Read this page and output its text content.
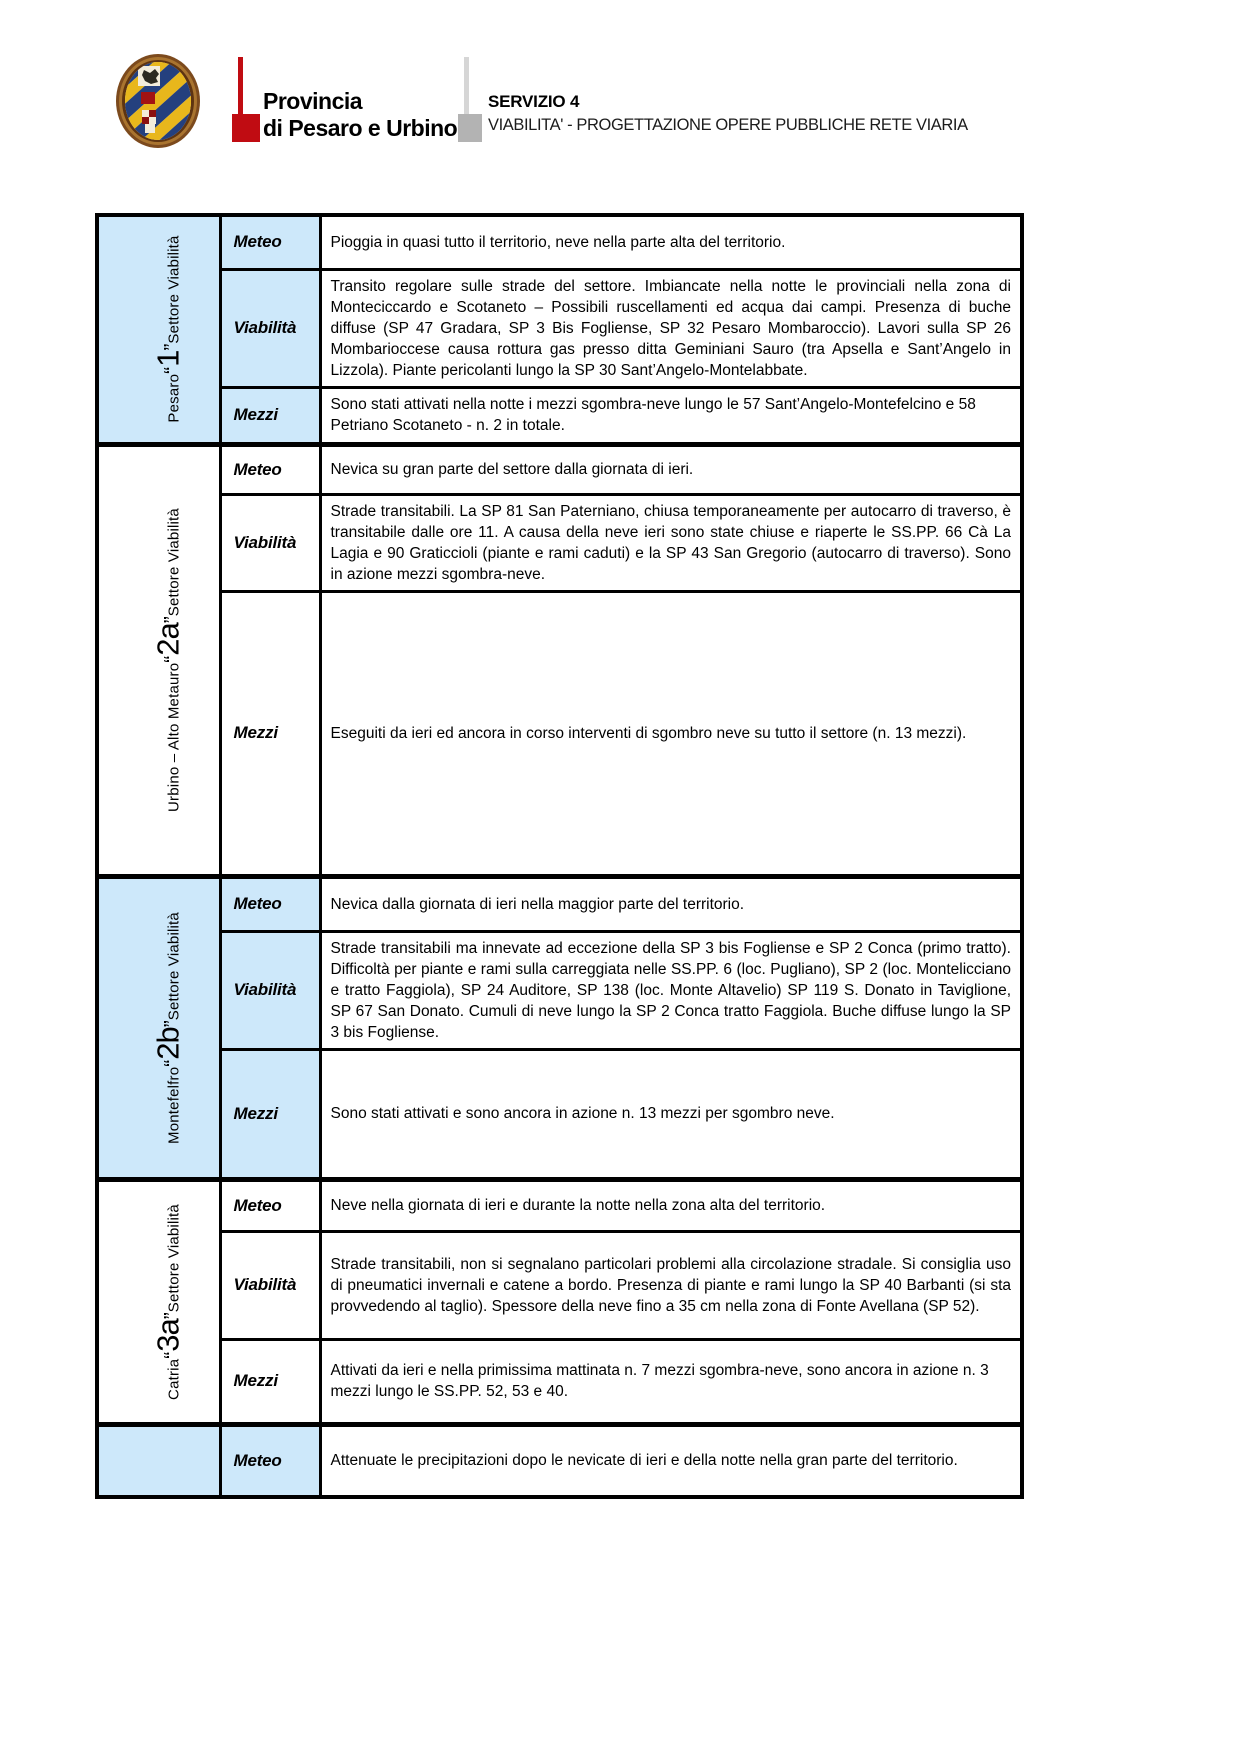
Provincia
di Pesaro e Urbino
SERVIZIO 4
VIABILITA' - PROGETTAZIONE OPERE PUBBLICHE RETE VIARIA
Pesaro“1”Settore Viabilità	Meteo	Pioggia in quasi tutto il territorio, neve nella parte alta del territorio.

	Viabilità	Transito regolare sulle strade del settore. Imbiancate nella notte le provinciali nella zona di Monteciccardo e Scotaneto – Possibili ruscellamenti ed acqua dai campi. Presenza di buche diffuse (SP 47 Gradara, SP 3 Bis Fogliense, SP 32 Pesaro Mombaroccio). Lavori sulla SP 26 Mombarioccese causa rottura gas presso ditta Geminiani Sauro (tra Apsella e Sant’Angelo in Lizzola). Piante pericolanti lungo la SP 30 Sant’Angelo-Montelabbate.

	Mezzi	Sono stati attivati nella notte i mezzi sgombra-neve lungo le 57 Sant’Angelo-Montefelcino e 58 Petriano Scotaneto - n. 2 in totale.

Urbino – Alto Metauro“2a”Settore Viabilità	Meteo	Nevica su gran parte del settore dalla giornata di ieri.

	Viabilità	Strade transitabili. La SP 81 San Paterniano, chiusa temporaneamente per autocarro di traverso, è transitabile dalle ore 11. A causa della neve ieri sono state chiuse e riaperte le SS.PP. 66 Cà La Lagia e 90 Graticcioli (piante e rami caduti) e la SP 43 San Gregorio (autocarro di traverso). Sono in azione mezzi sgombra-neve.

	Mezzi	Eseguiti da ieri ed ancora in corso interventi di sgombro neve su tutto il settore (n. 13 mezzi).

Montefelfro“2b”Settore Viabilità	Meteo	Nevica dalla giornata di ieri nella maggior parte del territorio.

	Viabilità	Strade transitabili ma innevate ad eccezione della SP 3 bis Fogliense e SP 2 Conca (primo tratto). Difficoltà per piante e rami sulla carreggiata nelle SS.PP. 6 (loc. Pugliano), SP 2 (loc. Montelicciano e tratto Faggiola), SP 24 Auditore, SP 138 (loc. Monte Altavelio) SP 119 S. Donato in Taviglione, SP 67 San Donato. Cumuli di neve lungo la SP 2 Conca tratto Faggiola. Buche diffuse lungo la SP 3 bis Fogliense.

	Mezzi	Sono stati attivati e sono ancora in azione n. 13 mezzi per sgombro neve.

Catria“3a”Settore Viabilità	Meteo	Neve nella giornata di ieri e durante la notte nella zona alta del territorio.

	Viabilità	Strade transitabili, non si segnalano particolari problemi alla circolazione stradale. Si consiglia uso di pneumatici invernali e catene a bordo. Presenza di piante e rami lungo la SP 40 Barbanti (si sta provvedendo al taglio). Spessore della neve fino a 35 cm nella zona di Fonte Avellana (SP 52).

	Mezzi	Attivati da ieri e nella primissima mattinata n. 7 mezzi sgombra-neve, sono ancora in azione n. 3 mezzi lungo le SS.PP. 52, 53 e 40.

	Meteo	Attenuate le precipitazioni dopo le nevicate di ieri e della notte nella gran parte del territorio.
